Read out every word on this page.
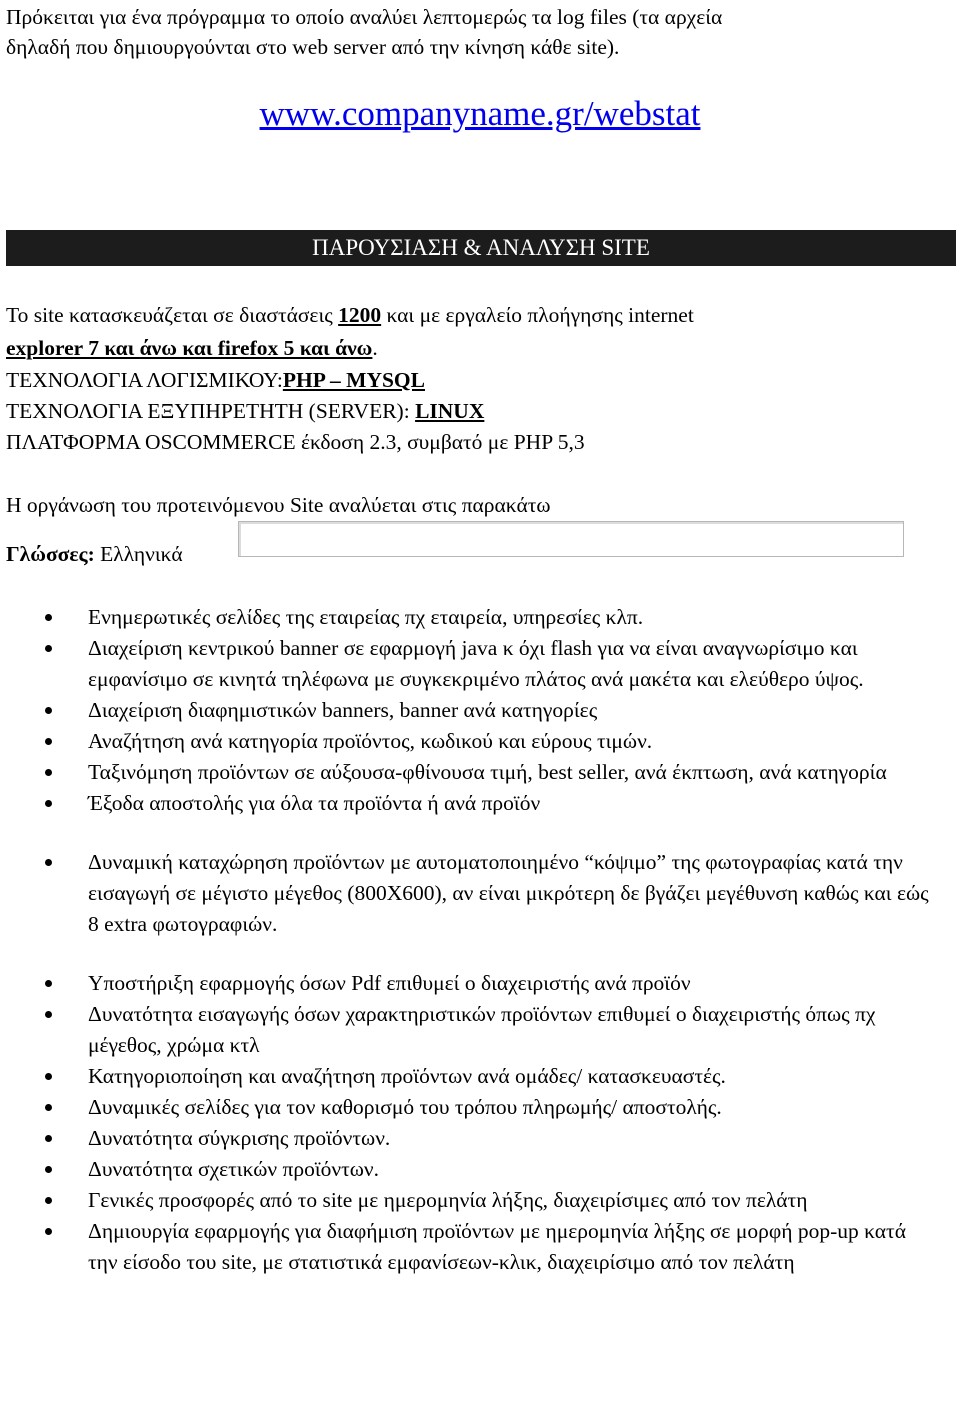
Πρόκειται για ένα πρόγραμμα το οποίο αναλύει λεπτομερώς τα log files (τα αρχεία
δηλαδή που δημιουργούνται στο web server από την κίνηση κάθε site).
www.companyname.gr/webstat
ΠΑΡΟΥΣΙΑΣΗ & ΑΝΑΛΥΣΗ SITE
Το site κατασκευάζεται σε διαστάσεις 1200 και με εργαλείο πλοήγησης internet
explorer 7 και άνω και firefox 5 και άνω.
ΤΕΧΝΟΛΟΓΙΑ ΛΟΓΙΣΜΙΚΟΥ:PHP – MYSQL
ΤΕΧΝΟΛΟΓΙΑ ΕΞΥΠΗΡΕΤΗΤΗ (SERVER): LINUX
ΠΛΑΤΦΟΡΜΑ OSCOMMERCE έκδοση 2.3, συμβατό με PHP 5,3
Η οργάνωση του προτεινόμενου Site αναλύεται στις παρακάτω
Γλώσσες: Ελληνικά
Ενημερωτικές σελίδες της εταιρείας πχ εταιρεία, υπηρεσίες κλπ.
Διαχείριση κεντρικού banner σε εφαρμογή java κ όχι flash για να είναι αναγνωρίσιμο και εμφανίσιμο σε κινητά τηλέφωνα με συγκεκριμένο πλάτος ανά μακέτα και ελεύθερο ύψος.
Διαχείριση διαφημιστικών banners, banner ανά κατηγορίες
Αναζήτηση ανά κατηγορία προϊόντος, κωδικού και εύρους τιμών.
Ταξινόμηση προϊόντων σε αύξουσα-φθίνουσα τιμή, best seller, ανά έκπτωση, ανά κατηγορία
Έξοδα αποστολής για όλα τα προϊόντα ή ανά προϊόν
Δυναμική καταχώρηση προϊόντων με αυτοματοποιημένο “κόψιμο” της φωτογραφίας κατά την εισαγωγή σε μέγιστο μέγεθος (800Χ600), αν είναι μικρότερη δε βγάζει μεγέθυνση καθώς και εώς 8 extra φωτογραφιών.
Υποστήριξη εφαρμογής όσων Pdf επιθυμεί ο διαχειριστής ανά προϊόν
Δυνατότητα εισαγωγής όσων χαρακτηριστικών προϊόντων επιθυμεί ο διαχειριστής όπως πχ μέγεθος, χρώμα κτλ
Κατηγοριοποίηση και αναζήτηση προϊόντων ανά ομάδες/ κατασκευαστές.
Δυναμικές σελίδες για τον καθορισμό του τρόπου πληρωμής/ αποστολής.
Δυνατότητα σύγκρισης προϊόντων.
Δυνατότητα σχετικών προϊόντων.
Γενικές προσφορές από το site με ημερομηνία λήξης, διαχειρίσιμες από τον πελάτη
Δημιουργία εφαρμογής για διαφήμιση προϊόντων με ημερομηνία λήξης σε μορφή pop-up κατά την είσοδο του site, με στατιστικά εμφανίσεων-κλικ, διαχειρίσιμο από τον πελάτη
